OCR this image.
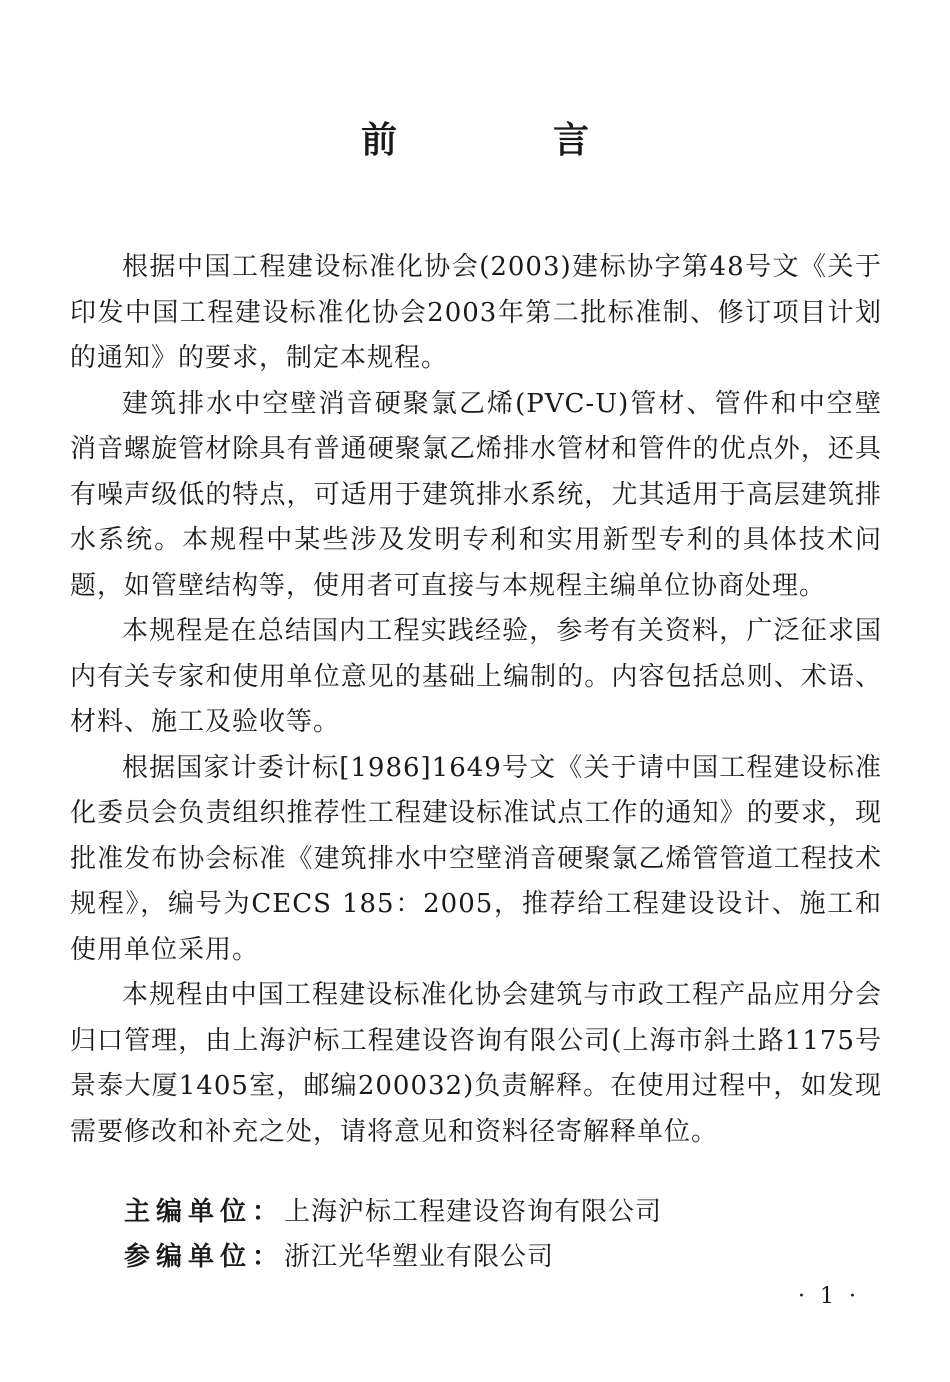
前　言

根据中国工程建设标准化协会(2003)建标协字第48号文《关于印发中国工程建设标准化协会2003年第二批标准制、修订项目计划的通知》的要求，制定本规程。

建筑排水中空壁消音硬聚氯乙烯(PVC-U)管材、管件和中空壁消音螺旋管材除具有普通硬聚氯乙烯排水管材和管件的优点外，还具有噪声级低的特点，可适用于建筑排水系统，尤其适用于高层建筑排水系统。本规程中某些涉及发明专利和实用新型专利的具体技术问题，如管壁结构等，使用者可直接与本规程主编单位协商处理。

本规程是在总结国内工程实践经验，参考有关资料，广泛征求国内有关专家和使用单位意见的基础上编制的。内容包括总则、术语、材料、施工及验收等。

根据国家计委计标[1986]1649号文《关于请中国工程建设标准化委员会负责组织推荐性工程建设标准试点工作的通知》的要求，现批准发布协会标准《建筑排水中空壁消音硬聚氯乙烯管管道工程技术规程》，编号为CECS 185：2005，推荐给工程建设设计、施工和使用单位采用。

本规程由中国工程建设标准化协会建筑与市政工程产品应用分会归口管理，由上海沪标工程建设咨询有限公司(上海市斜土路1175号景泰大厦1405室，邮编200032)负责解释。在使用过程中，如发现需要修改和补充之处，请将意见和资料径寄解释单位。

主编单位：上海沪标工程建设咨询有限公司
参编单位：浙江光华塑业有限公司
· 1 ·
